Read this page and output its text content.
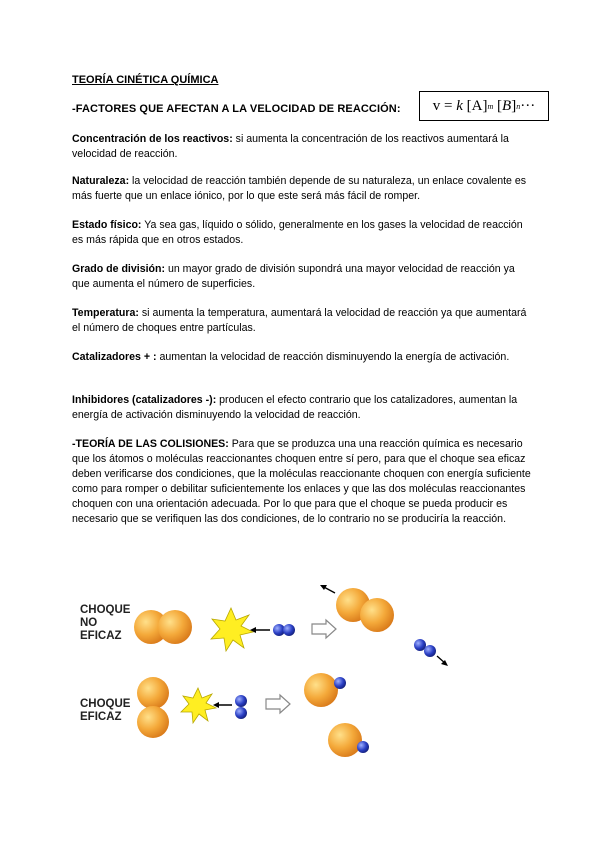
TEORÍA CINÉTICA QUÍMICA
-FACTORES QUE AFECTAN A LA VELOCIDAD DE REACCIÓN: v
=
k [ A ] m [ B ] n ···
Concentración de los reactivos: si aumenta la concentración de los reactivos aumentará la velocidad de reacción.
Naturaleza: la velocidad de reacción también depende de su naturaleza, un enlace covalente es más fuerte que un enlace iónico, por lo que este será más fácil de romper.
Estado físico: Ya sea gas, líquido o sólido, generalmente en los gases la velocidad de reacción es más rápida que en otros estados.
Grado de división: un mayor grado de división supondrá una mayor velocidad de reacción ya que aumenta el número de superficies.
Temperatura: si aumenta la temperatura, aumentará la velocidad de reacción ya que aumentará el número de choques entre partículas.
Catalizadores + : aumentan la velocidad de reacción disminuyendo la energía de activación.
Inhibidores (catalizadores -): producen el efecto contrario que los catalizadores, aumentan la energía de activación disminuyendo la velocidad de reacción.
-TEORÍA DE LAS COLISIONES: Para que se produzca una una reacción química es necesario que los átomos o moléculas reaccionantes choquen entre sí pero, para que el choque sea eficaz deben verificarse dos condiciones, que la moléculas reaccionante choquen con energía suficiente como para romper o debilitar suficientemente los enlaces y que las dos moléculas reaccionantes choquen con una orientación adecuada. Por lo que para que el choque se pueda producir es necesario que se verifiquen las dos condiciones, de lo contrario no se produciría la reacción.
CHOQUE
NO
EFICAZ
CHOQUE
EFICAZ
